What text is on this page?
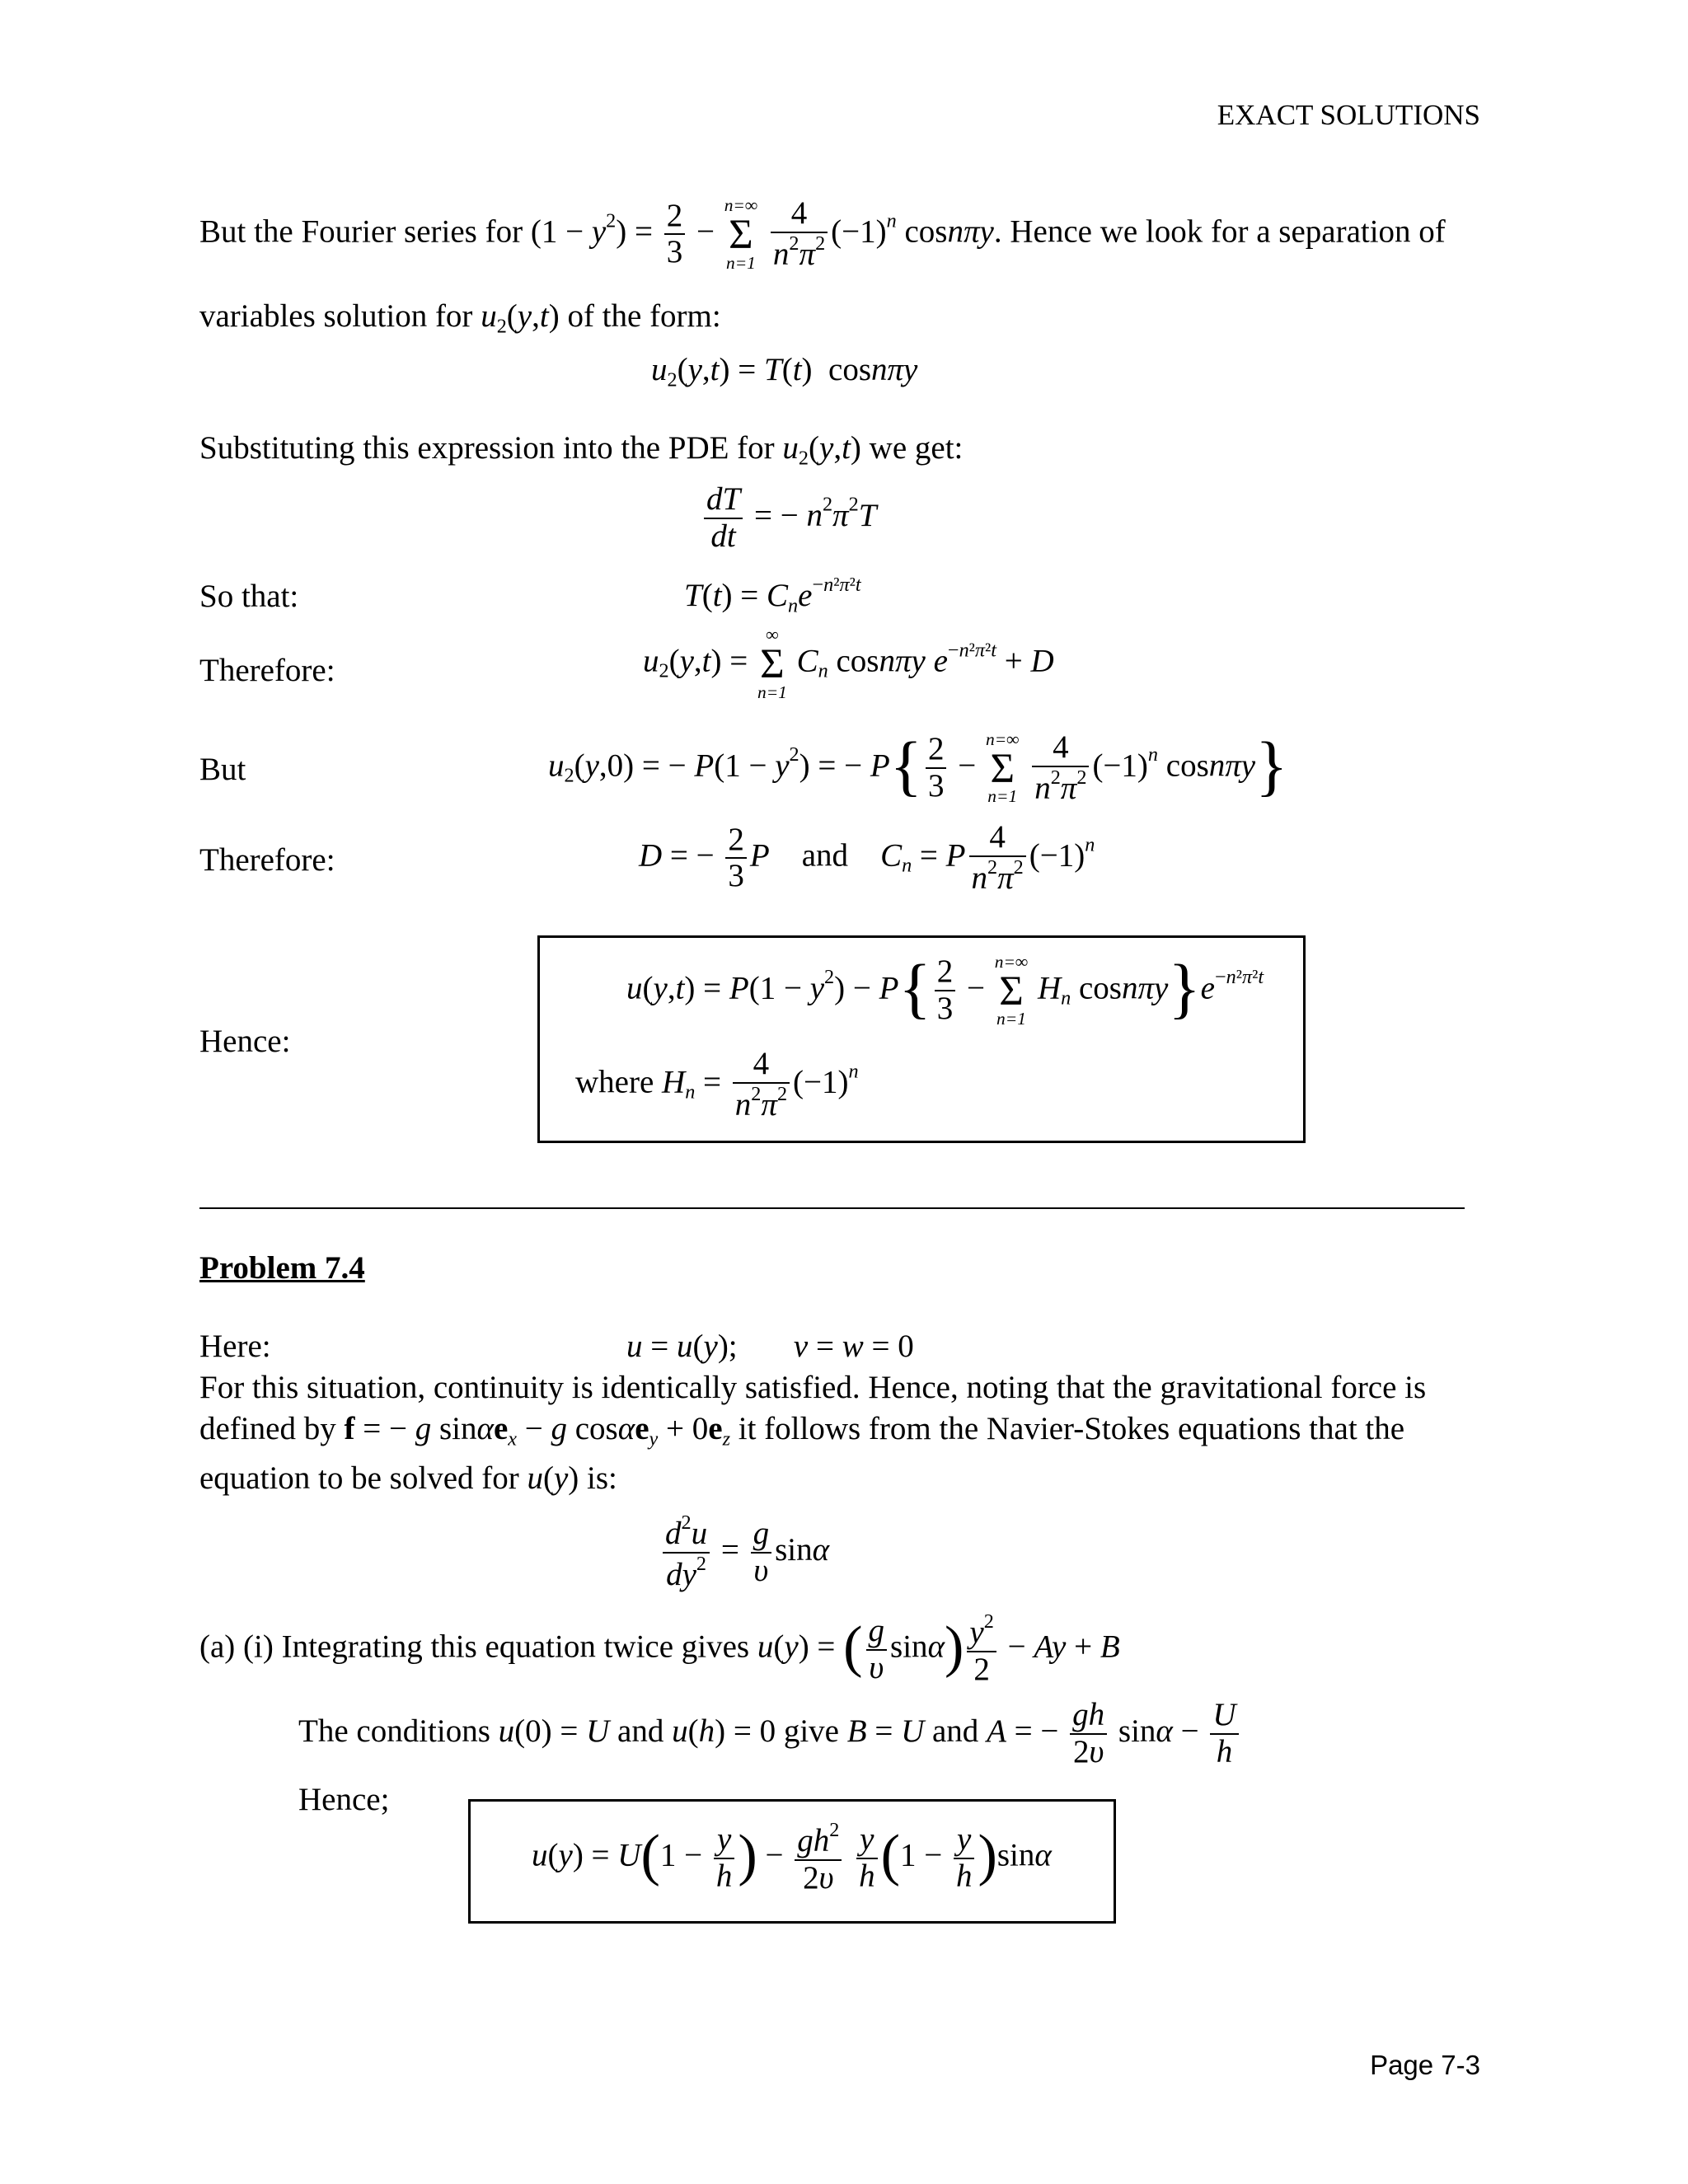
EXACT SOLUTIONS
But the Fourier series for $(1 - y^2) = \frac{2}{3}$ −
n=∞
Σ
n=1
$\frac{4}{n^2\pi^2} (-1)^n$ cosnπy. Hence we look for a separation of
variables solution for $u_2(y,t)$ of the form:
$u_2(y,t) = T(t)$  cosnπy
Substituting this expression into the PDE for $u_2(y,t)$ we get:
$\frac{dT}{dt}$ = − $n^2\pi^2T$
So that:	$T(t) = C_ne^{-n^2\pi^2t}$
Therefore:	$u_2(y,t)$ =
∞
Σ
n=1
$C_n$ cosnπy $e^{-n^2\pi^2t} + D$
But	$u_2(y,0)$ = − $P(1 - y^2)$ = − $P\{ \frac{2}{3}$ −
n=∞
Σ
n=1
$\frac{4}{n^2\pi^2} (-1)^n$ cosnπy}
Therefore:	D = − $\frac{2}{3}$ P and $C_n = P \frac{4}{n^2\pi^2} (-1)^n$
Hence:
$u(y,t) = P(1 - y^2) - P\{ \frac{2}{3}$ −
n=∞
Σ
n=1
$H_n$ $\cos n\pi y\}e^{-n^2\pi^2t}$
where $H_n = \frac{4}{n^2\pi^2} (-1)^n$
Problem 7.4
Here:	u = u(y);       v = w = 0
For this situation, continuity is identically satisfied. Hence, noting that the gravitational force is
defined by f = − g sinαe$_x$ − g $\cos\alpha e_y + 0e_z$ it follows from the Navier-Stokes equations that the
equation to be solved for u(y) is:
$\frac{d^2u}{dy^2} = \frac{g}{\upsilon}$ sinα
(a) (i) Integrating this equation twice gives u(y) = ( $\frac{g}{\upsilon} \sin\alpha) \frac{y^2}{2} - Ay + B$
The conditions u(0) = U and u(h) = 0 give B = U and A = − $\frac{gh}{2\upsilon}$ $\sin\alpha - \frac{U}{h}$
Hence;
$u(y) = U(1 - \frac{y}{h}$ ) − $\frac{gh^2}{2\upsilon}$
$\frac{y}{h} (1 - \frac{y}{h} )\sin\alpha$
Page 7-3
